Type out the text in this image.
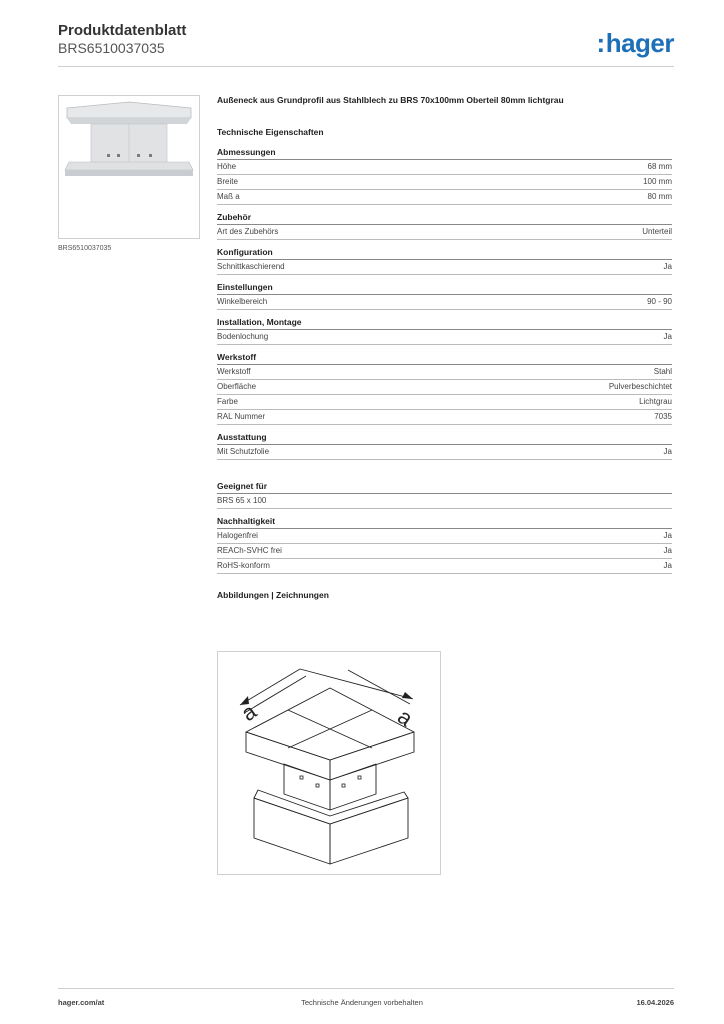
Produktdatenblatt
BRS6510037035	:hager
BRS6510037035
Außeneck aus Grundprofil aus Stahlblech zu BRS 70x100mm Oberteil 80mm lichtgrau
Technische Eigenschaften
Abmessungen
Höhe	68 mm
Breite	100 mm
Maß a	80 mm
Zubehör
Art des Zubehörs	Unterteil
Konfiguration
Schnittkaschierend	Ja
Einstellungen
Winkelbereich	90 - 90
Installation, Montage
Bodenlochung	Ja
Werkstoff
Werkstoff	Stahl
Oberfläche	Pulverbeschichtet
Farbe	Lichtgrau
RAL Nummer	7035
Ausstattung
Mit Schutzfolie	Ja
Geeignet für
BRS 65 x 100
Nachhaltigkeit
Halogenfrei	Ja
REACh-SVHC frei	Ja
RoHS-konform	Ja
Abbildungen | Zeichnungen
a	a
hager.com/at	Technische Änderungen vorbehalten	16.04.2026
